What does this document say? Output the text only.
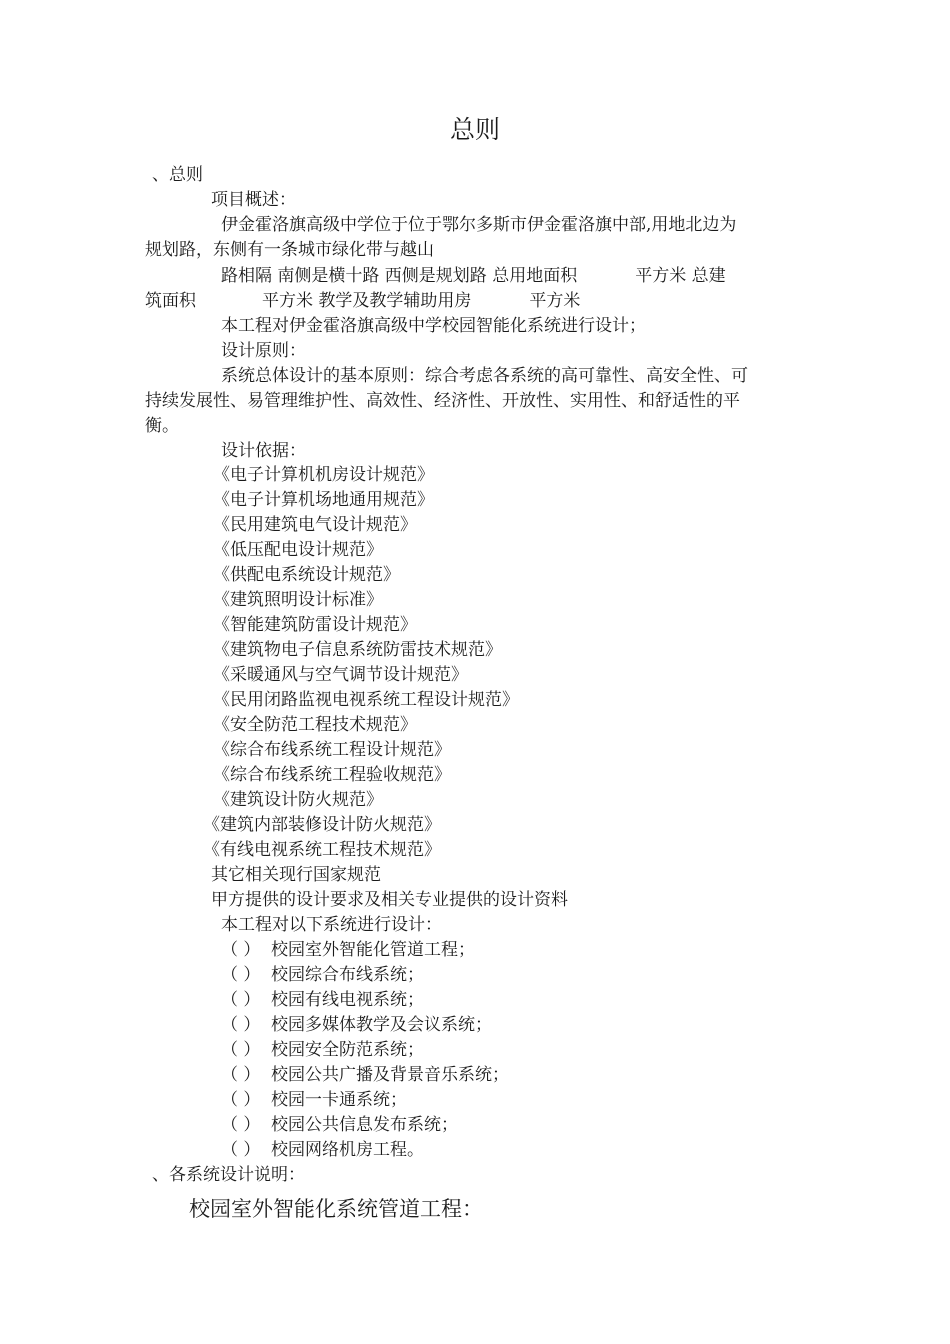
总则
、总则
项目概述：
伊金霍洛旗高级中学位于位于鄂尔多斯市伊金霍洛旗中部,用地北边为
规划路，东侧有一条城市绿化带与越山
路相隔 南侧是横十路 西侧是规划路 总用地面积	平方米 总建
筑面积	平方米 教学及教学辅助用房	平方米
本工程对伊金霍洛旗高级中学校园智能化系统进行设计；
设计原则：
系统总体设计的基本原则：综合考虑各系统的高可靠性、高安全性、可
持续发展性、易管理维护性、高效性、经济性、开放性、实用性、和舒适性的平
衡。
设计依据：
《电子计算机机房设计规范》
《电子计算机场地通用规范》
《民用建筑电气设计规范》
《低压配电设计规范》
《供配电系统设计规范》
《建筑照明设计标准》
《智能建筑防雷设计规范》
《建筑物电子信息系统防雷技术规范》
《采暖通风与空气调节设计规范》
《民用闭路监视电视系统工程设计规范》
《安全防范工程技术规范》
《综合布线系统工程设计规范》
《综合布线系统工程验收规范》
《建筑设计防火规范》
《建筑内部装修设计防火规范》
《有线电视系统工程技术规范》
其它相关现行国家规范
甲方提供的设计要求及相关专业提供的设计资料
本工程对以下系统进行设计：
（ ） 校园室外智能化管道工程；
（ ） 校园综合布线系统；
（ ） 校园有线电视系统；
（ ） 校园多媒体教学及会议系统；
（ ） 校园安全防范系统；
（ ） 校园公共广播及背景音乐系统；
（ ） 校园一卡通系统；
（ ） 校园公共信息发布系统；
（ ） 校园网络机房工程。
、各系统设计说明：
校园室外智能化系统管道工程：
